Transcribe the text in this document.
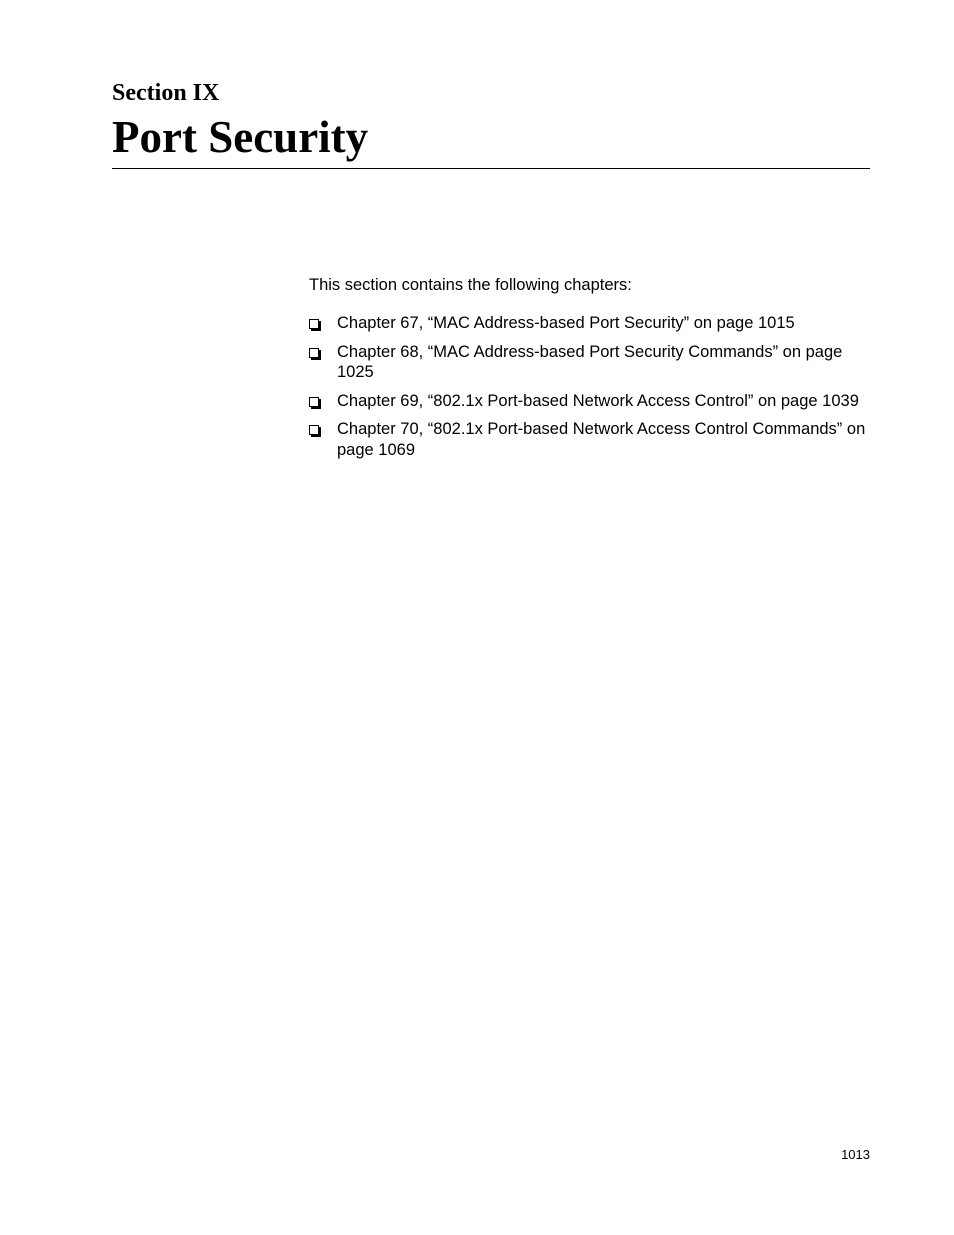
Section IX
Port Security

This section contains the following chapters:

Chapter 67, “MAC Address-based Port Security” on page 1015
Chapter 68, “MAC Address-based Port Security Commands” on page 1025
Chapter 69, “802.1x Port-based Network Access Control” on page 1039
Chapter 70, “802.1x Port-based Network Access Control Commands” on page 1069

1013
